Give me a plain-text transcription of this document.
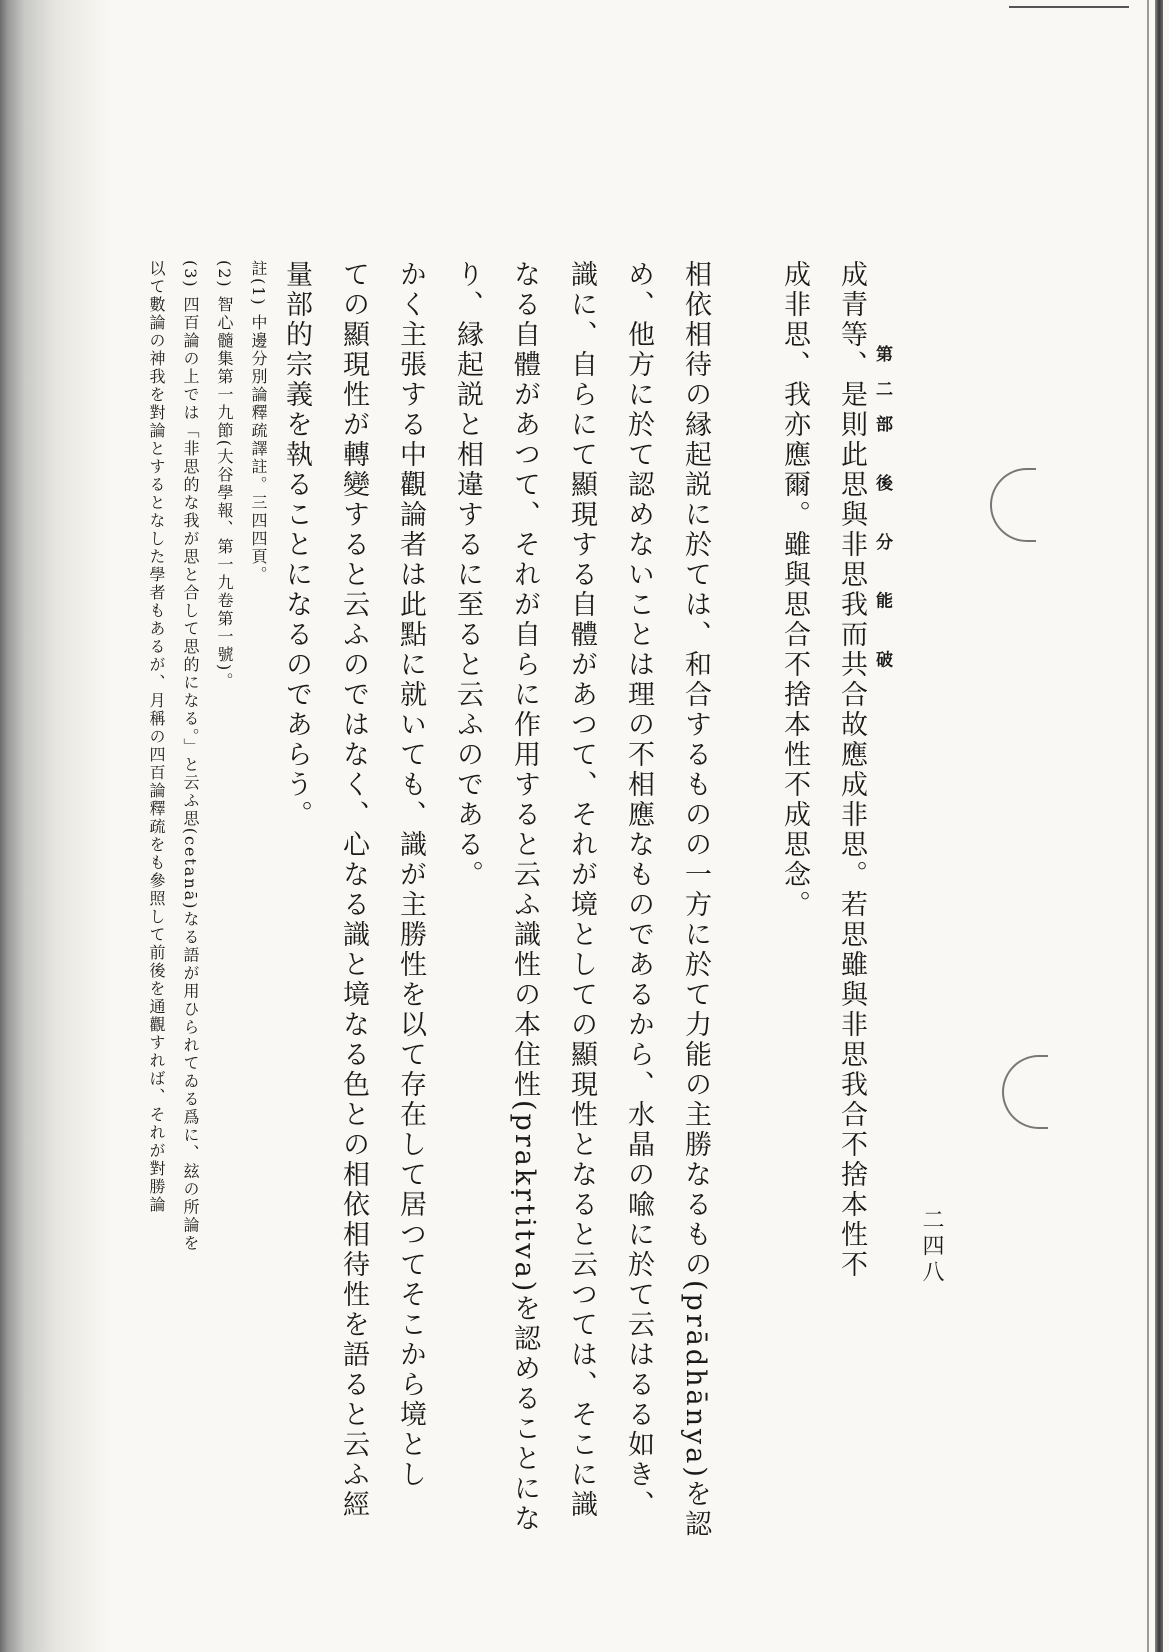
二四八
第二部 後 分 能 破
成青等、是則此思與非思我而共合故應成非思。若思雖與非思我合不捨本性不
成非思、我亦應爾。雖與思合不捨本性不成思念。
相依相待の縁起説に於ては、和合するものの一方に於て力能の主勝なるもの(prādhānya)を認
め、他方に於て認めないことは理の不相應なものであるから、水晶の喩に於て云はるる如き、
識に、自らにて顯現する自體があつて、それが境としての顯現性となると云つては、そこに識
なる自體があつて、それが自らに作用すると云ふ識性の本住性(prakṛtitva)を認めることにな
り、縁起説と相違するに至ると云ふのである。
かく主張する中觀論者は此點に就いても、識が主勝性を以て存在して居つてそこから境とし
ての顯現性が轉變すると云ふのではなく、心なる識と境なる色との相依相待性を語ると云ふ經
量部的宗義を執ることになるのであらう。
註(1) 中邊分別論釋疏譯註。三四四頁。
(2) 智心髓集第一九節(大谷學報、第一九卷第一號)。
(3) 四百論の上では「非思的な我が思と合して思的になる。」と云ふ思(cetanā)なる語が用ひられてゐる爲に、玆の所論を
以て數論の神我を對論とするとなした學者もあるが、月稱の四百論釋疏をも參照して前後を通觀すれば、それが對勝論
